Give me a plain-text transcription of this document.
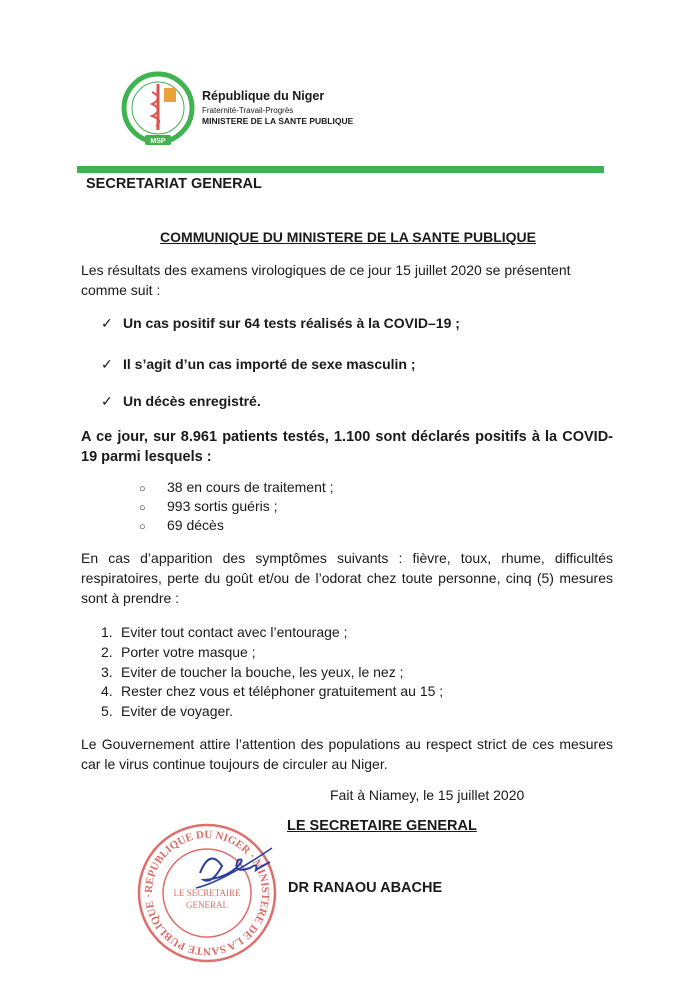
MSP
République du Niger
Fraternité-Travail-Progrès
MINISTERE DE LA SANTE PUBLIQUE
SECRETARIAT GENERAL
COMMUNIQUE DU MINISTERE DE LA SANTE PUBLIQUE

Les résultats des examens virologiques de ce jour 15 juillet 2020 se présentent comme suit :

✓ Un cas positif sur 64 tests réalisés à la COVID–19 ;
✓ Il s’agit d’un cas importé de sexe masculin ;
✓ Un décès enregistré.

A ce jour, sur 8.961 patients testés, 1.100 sont déclarés positifs à la COVID- 19 parmi lesquels :

○ 38 en cours de traitement ;
○ 993 sortis guéris ;
○ 69 décès

En cas d’apparition des symptômes suivants : fièvre, toux, rhume, difficultés respiratoires, perte du goût et/ou de l’odorat chez toute personne, cinq (5) mesures sont à prendre :

1. Eviter tout contact avec l’entourage ;
2. Porter votre masque ;
3. Eviter de toucher la bouche, les yeux, le nez ;
4. Rester chez vous et téléphoner gratuitement au 15 ;
5. Eviter de voyager.

Le Gouvernement attire l’attention des populations au respect strict de ces mesures car le virus continue toujours de circuler au Niger.

Fait à Niamey, le 15 juillet 2020
REPUBLIQUE DU NIGER · MINISTERE DE LA SANTE PUBLIQUE ·	LE SECRETAIRE
GENERAL
LE SECRETAIRE GENERAL
DR RANAOU ABACHE
